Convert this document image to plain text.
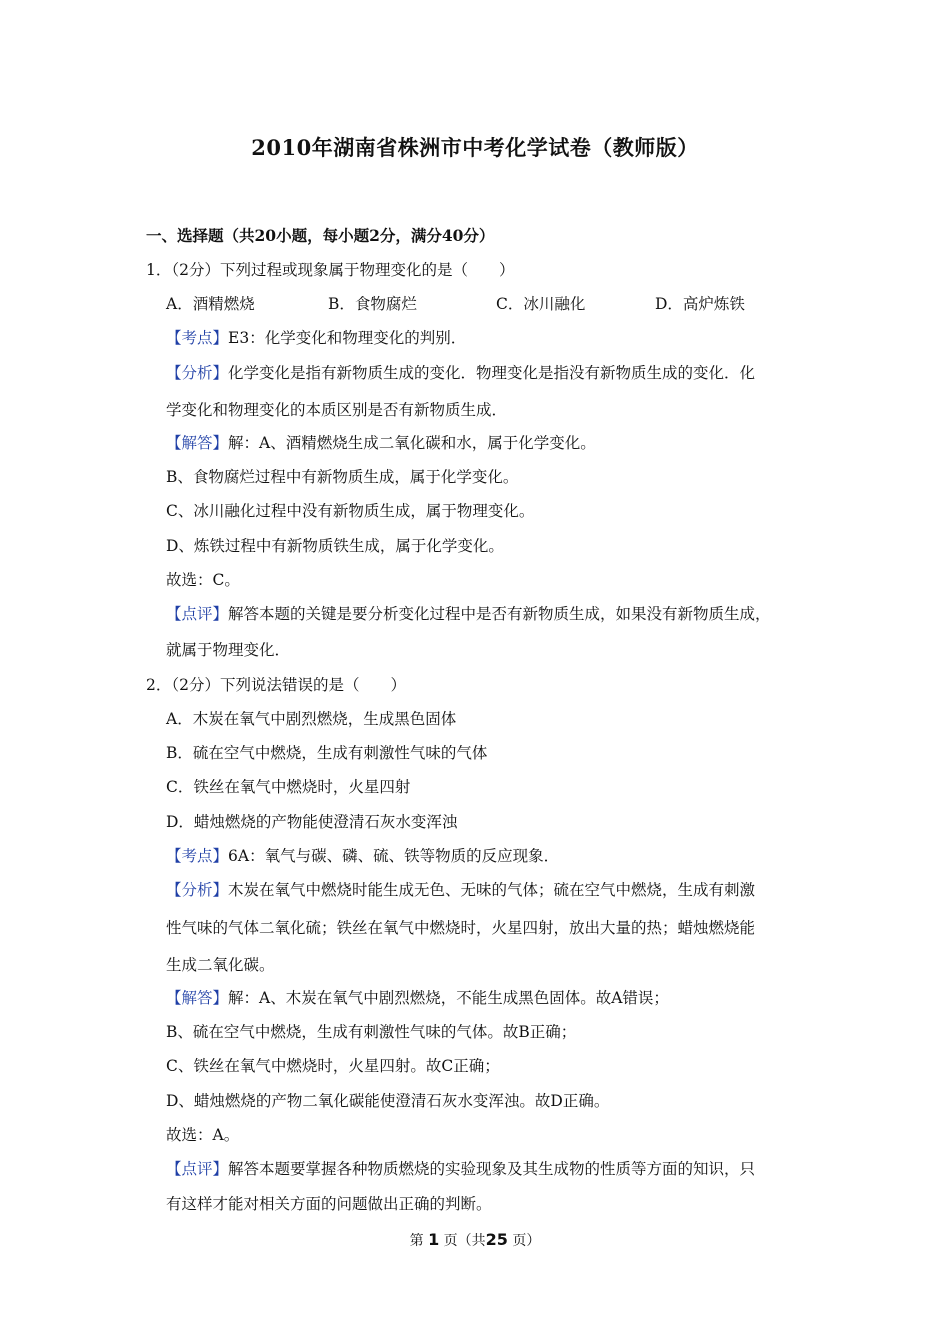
2010年湖南省株洲市中考化学试卷（教师版）
一、选择题（共20小题，每小题2分，满分40分）
1．（2分）下列过程或现象属于物理变化的是（　　）
A．酒精燃烧	B．食物腐烂	C．冰川融化	D．高炉炼铁
【考点】E3：化学变化和物理变化的判别．
【分析】化学变化是指有新物质生成的变化．物理变化是指没有新物质生成的变化．化
学变化和物理变化的本质区别是否有新物质生成．
【解答】解：A、酒精燃烧生成二氧化碳和水，属于化学变化。
B、食物腐烂过程中有新物质生成，属于化学变化。
C、冰川融化过程中没有新物质生成，属于物理变化。
D、炼铁过程中有新物质铁生成，属于化学变化。
故选：C。
【点评】解答本题的关键是要分析变化过程中是否有新物质生成，如果没有新物质生成，
就属于物理变化．
2．（2分）下列说法错误的是（　　）
A．木炭在氧气中剧烈燃烧，生成黑色固体
B．硫在空气中燃烧，生成有刺激性气味的气体
C．铁丝在氧气中燃烧时，火星四射
D．蜡烛燃烧的产物能使澄清石灰水变浑浊
【考点】6A：氧气与碳、磷、硫、铁等物质的反应现象．
【分析】木炭在氧气中燃烧时能生成无色、无味的气体；硫在空气中燃烧，生成有刺激
性气味的气体二氧化硫；铁丝在氧气中燃烧时，火星四射，放出大量的热；蜡烛燃烧能
生成二氧化碳。
【解答】解：A、木炭在氧气中剧烈燃烧，不能生成黑色固体。故A错误；
B、硫在空气中燃烧，生成有刺激性气味的气体。故B正确；
C、铁丝在氧气中燃烧时，火星四射。故C正确；
D、蜡烛燃烧的产物二氧化碳能使澄清石灰水变浑浊。故D正确。
故选：A。
【点评】解答本题要掌握各种物质燃烧的实验现象及其生成物的性质等方面的知识，只
有这样才能对相关方面的问题做出正确的判断。
第 1 页（共25 页）
